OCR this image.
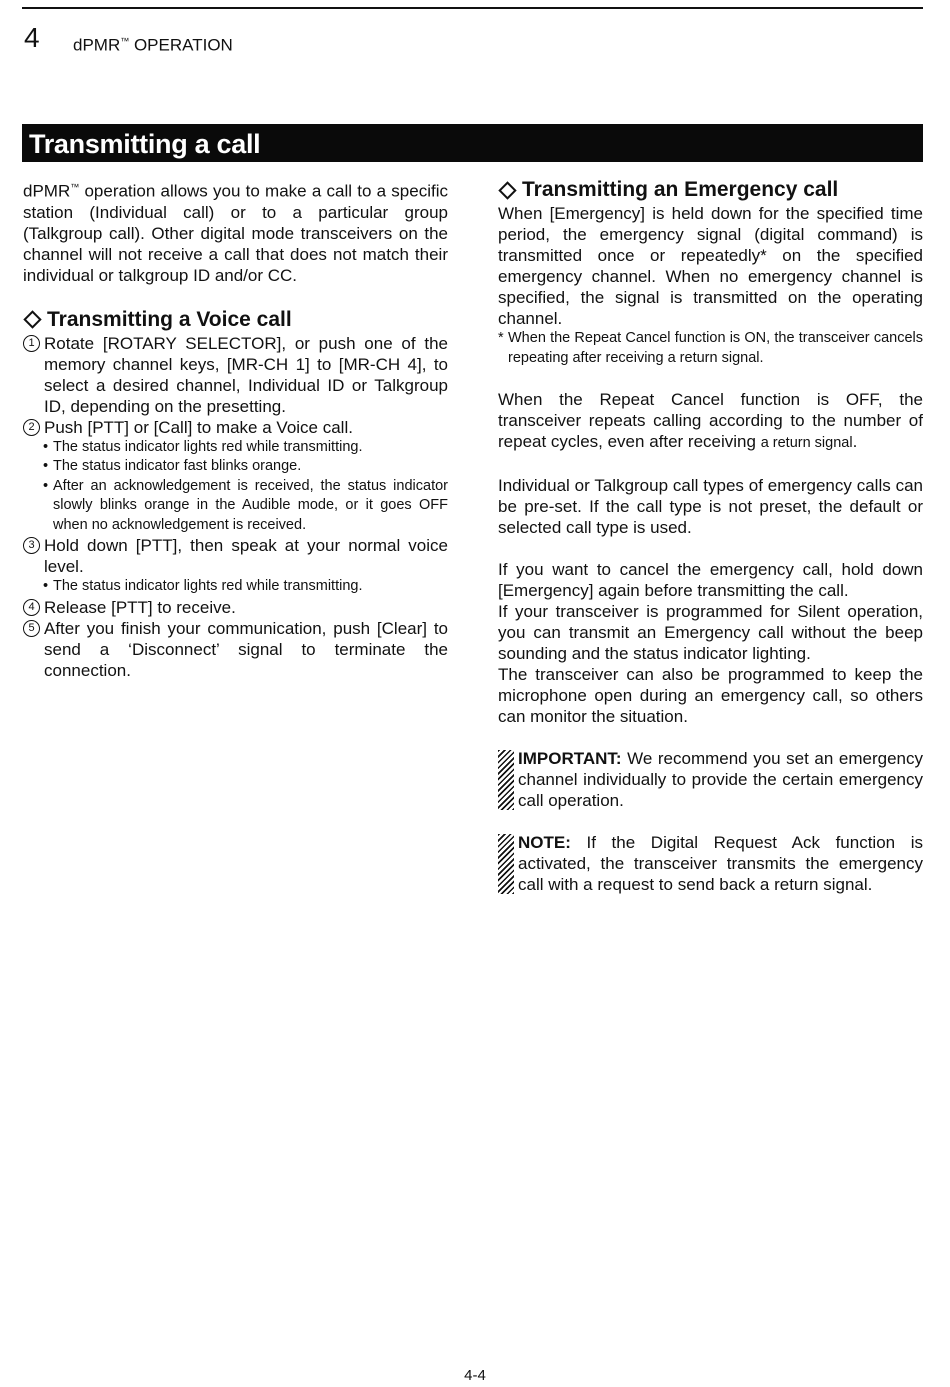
4 dPMR™ OPERATION
Transmitting a call

dPMR™ operation allows you to make a call to a specific station (Individual call) or to a particular group (Talkgroup call). Other digital mode transceivers on the channel will not receive a call that does not match their individual or talkgroup ID and/or CC.

Transmitting a Voice call
1 Rotate [ROTARY SELECTOR], or push one of the memory channel keys, [MR-CH 1] to [MR-CH 4], to select a desired channel, Individual ID or Talkgroup ID, depending on the presetting.
2 Push [PTT] or [Call] to make a Voice call.
• The status indicator lights red while transmitting.
• The status indicator fast blinks orange.
• After an acknowledgement is received, the status indicator slowly blinks orange in the Audible mode, or it goes OFF when no acknowledgement is received.
3 Hold down [PTT], then speak at your normal voice level.
• The status indicator lights red while transmitting.
4 Release [PTT] to receive.
5 After you finish your communication, push [Clear] to send a ‘Disconnect’ signal to terminate the connection.
Transmitting an Emergency call

When [Emergency] is held down for the specified time period, the emergency signal (digital command) is transmitted once or repeatedly* on the specified emergency channel. When no emergency channel is specified, the signal is transmitted on the operating channel.

* When the Repeat Cancel function is ON, the transceiver cancels repeating after receiving a return signal.

When the Repeat Cancel function is OFF, the transceiver repeats calling according to the number of repeat cycles, even after receiving a return signal.

Individual or Talkgroup call types of emergency calls can be pre-set. If the call type is not preset, the default or selected call type is used.

If you want to cancel the emergency call, hold down [Emergency] again before transmitting the call.

If your transceiver is programmed for Silent operation, you can transmit an Emergency call without the beep sounding and the status indicator lighting.

The transceiver can also be programmed to keep the microphone open during an emergency call, so others can monitor the situation.

IMPORTANT: We recommend you set an emergency channel individually to provide the certain emergency call operation.

NOTE: If the Digital Request Ack function is activated, the transceiver transmits the emergency call with a request to send back a return signal.

4-4
